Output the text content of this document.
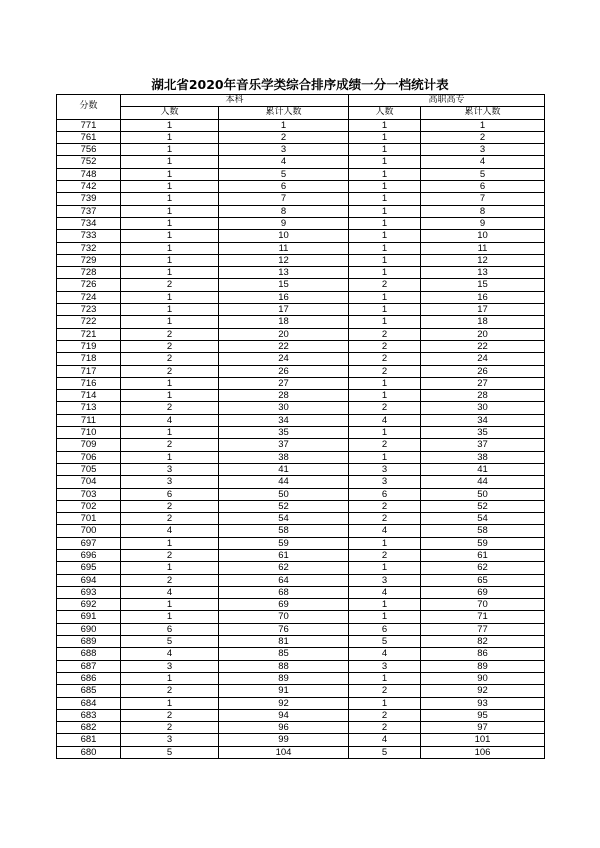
湖北省2020年音乐学类综合排序成绩一分一档统计表
分数	本科		高职高专	
	人数	累计人数	人数	累计人数
771	1	1	1	1
761	1	2	1	2
756	1	3	1	3
752	1	4	1	4
748	1	5	1	5
742	1	6	1	6
739	1	7	1	7
737	1	8	1	8
734	1	9	1	9
733	1	10	1	10
732	1	11	1	11
729	1	12	1	12
728	1	13	1	13
726	2	15	2	15
724	1	16	1	16
723	1	17	1	17
722	1	18	1	18
721	2	20	2	20
719	2	22	2	22
718	2	24	2	24
717	2	26	2	26
716	1	27	1	27
714	1	28	1	28
713	2	30	2	30
711	4	34	4	34
710	1	35	1	35
709	2	37	2	37
706	1	38	1	38
705	3	41	3	41
704	3	44	3	44
703	6	50	6	50
702	2	52	2	52
701	2	54	2	54
700	4	58	4	58
697	1	59	1	59
696	2	61	2	61
695	1	62	1	62
694	2	64	3	65
693	4	68	4	69
692	1	69	1	70
691	1	70	1	71
690	6	76	6	77
689	5	81	5	82
688	4	85	4	86
687	3	88	3	89
686	1	89	1	90
685	2	91	2	92
684	1	92	1	93
683	2	94	2	95
682	2	96	2	97
681	3	99	4	101
680	5	104	5	106
